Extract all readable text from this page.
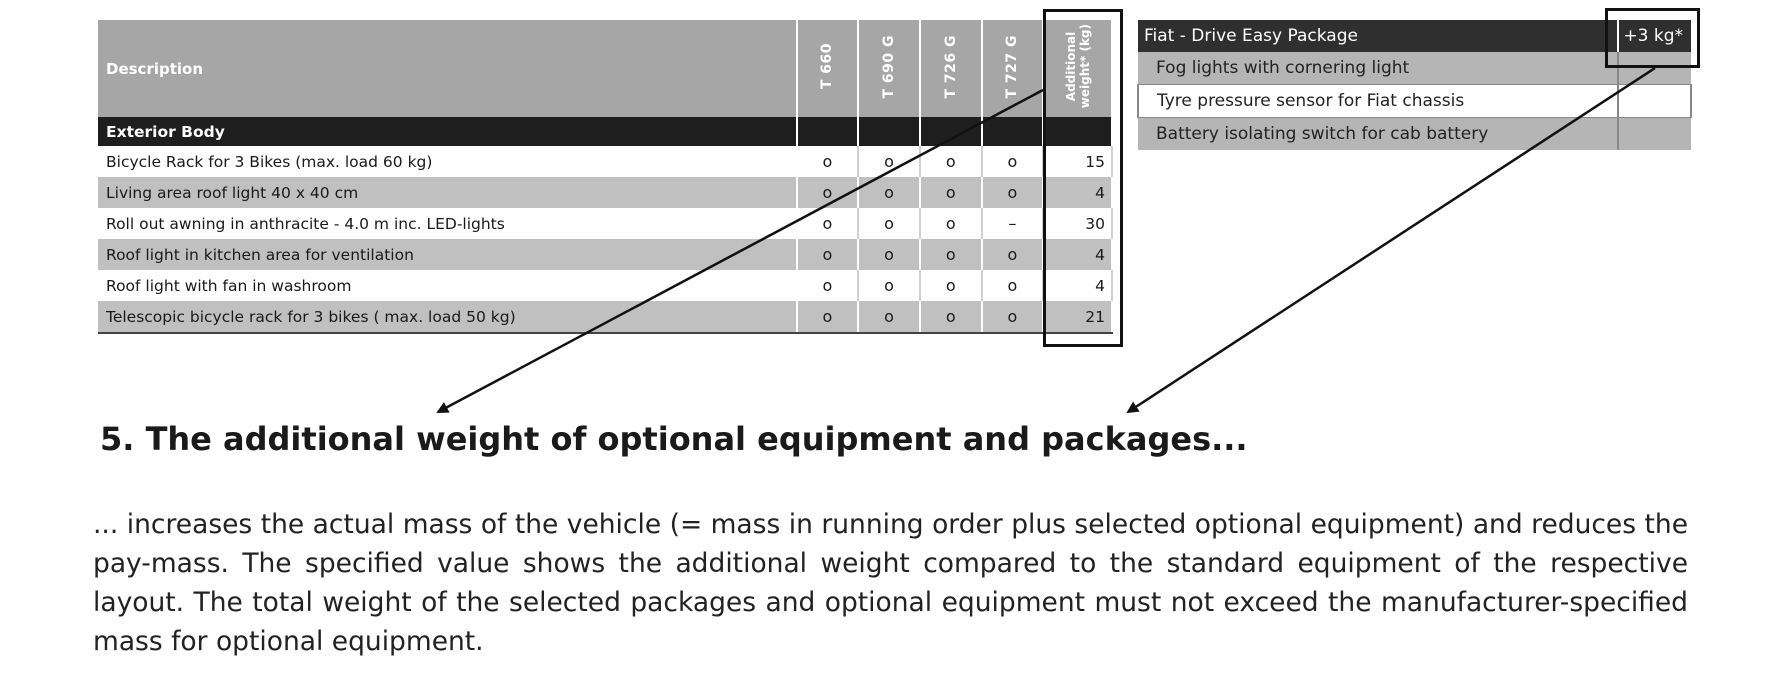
Description	T 660	T 690 G	T 726 G	T 727 G	Additional
weight* (kg)
Exterior Body					
Bicycle Rack for 3 Bikes (max. load 60 kg)	o	o	o	o	15
Living area roof light 40 x 40 cm	o	o	o	o	4
Roll out awning in anthracite - 4.0 m inc. LED-lights	o	o	o	–	30
Roof light in kitchen area for ventilation	o	o	o	o	4
Roof light with fan in washroom	o	o	o	o	4
Telescopic bicycle rack for 3 bikes ( max. load 50 kg)	o	o	o	o	21
Fiat - Drive Easy Package	+3 kg*
Fog lights with cornering light	
Tyre pressure sensor for Fiat chassis	
Battery isolating switch for cab battery	
5. The additional weight of optional equipment and packages...

... increases the actual mass of the vehicle (= mass in running order plus selected optional equipment) and reduces the pay-mass. The specified value shows the additional weight compared to the standard equipment of the respective layout. The total weight of the selected packages and optional equipment must not exceed the manufacturer-specified mass for optional equipment.
